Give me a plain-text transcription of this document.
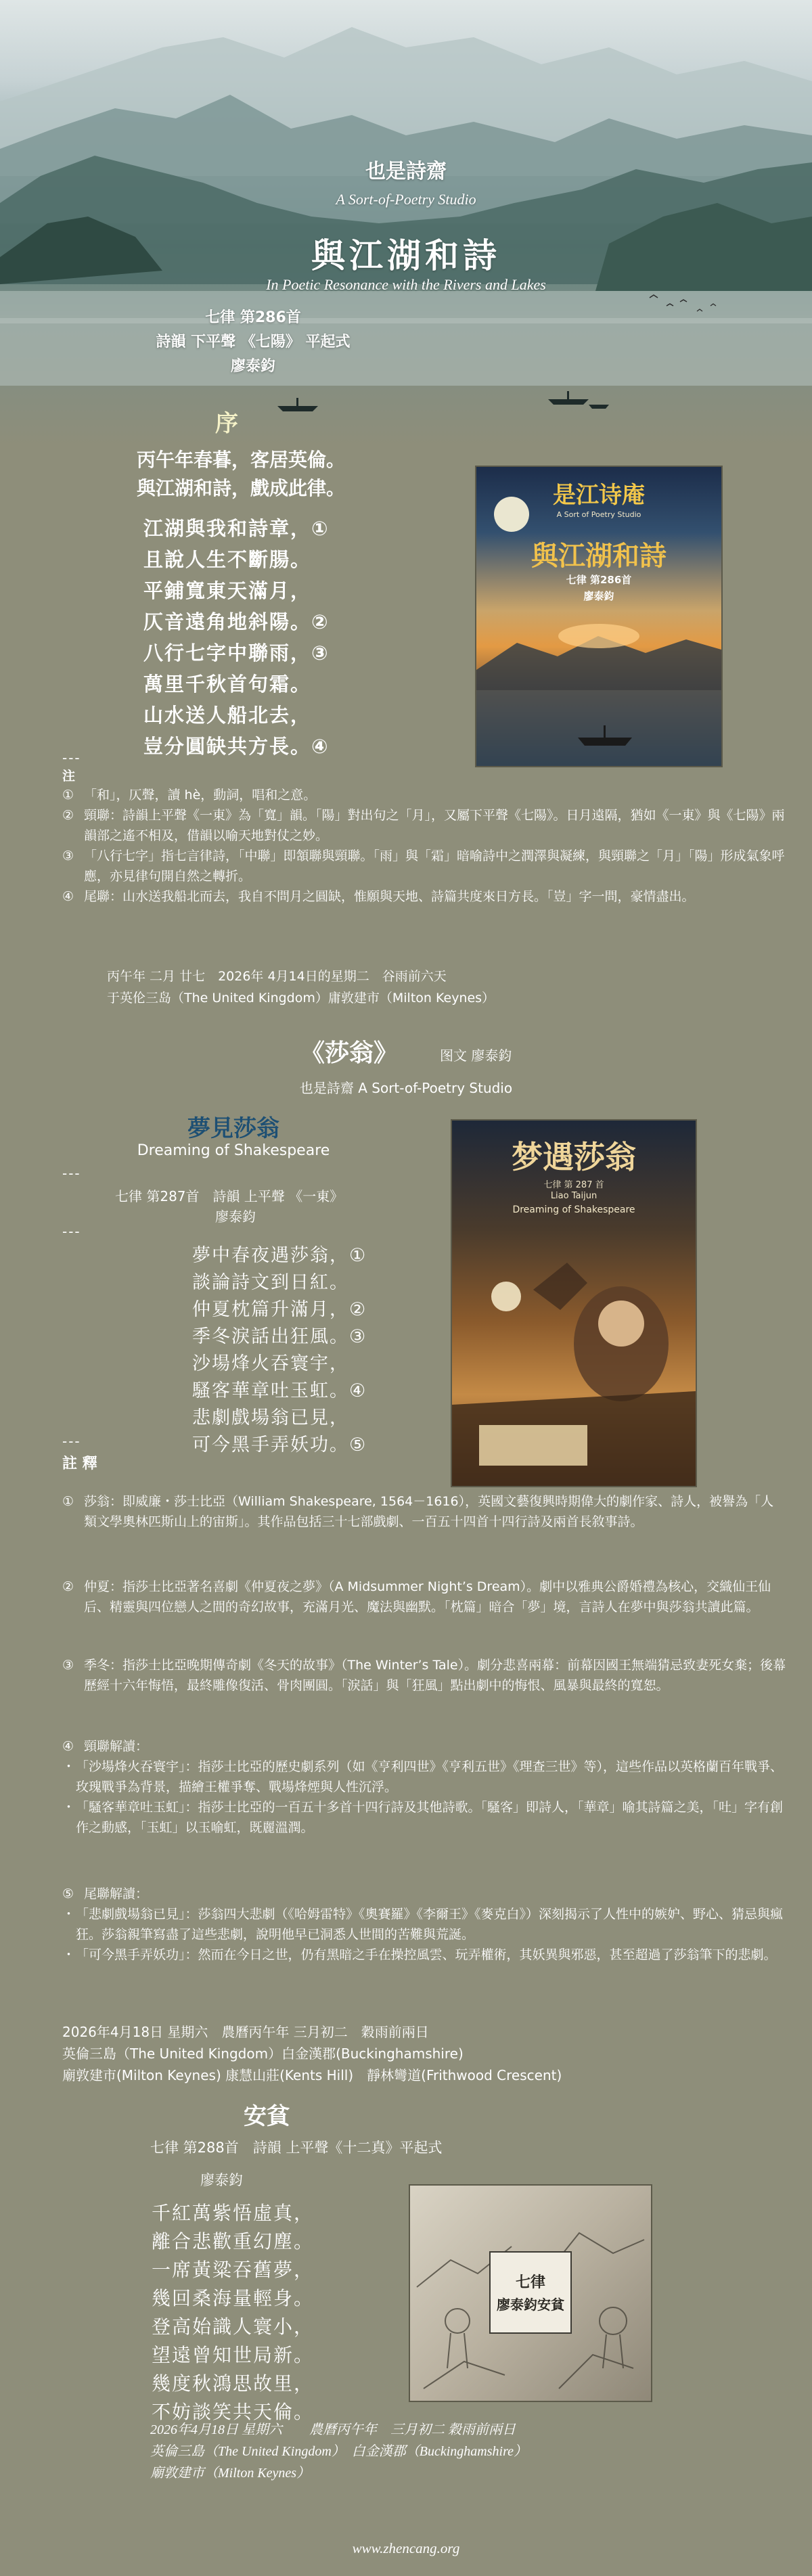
也是詩齋
A Sort-of-Poetry Studio
與江湖和詩
In Poetic Resonance with the Rivers and Lakes
七律 第286首
詩韻 下平聲 《七陽》 平起式
廖泰鈞
序
丙午年春暮，客居英倫。
與江湖和詩，戲成此律。
江湖與我和詩章，①
且說人生不斷腸。
平鋪寬東天滿月，
仄音遠角地斜陽。②
八行七字中聯雨，③
萬里千秋首句霜。
山水送人船北去，
豈分圓缺共方長。④
是江诗庵
A Sort of Poetry Studio
與江湖和詩
七律 第286首
廖泰鈞
---
注
① 「和」，仄聲，讀 hè，動詞，唱和之意。
② 頸聯：詩韻上平聲《一東》為「寬」韻。「陽」對出句之「月」，又屬下平聲《七陽》。日月遠隔，猶如《一東》與《七陽》兩韻部之遙不相及，借韻以喻天地對仗之妙。
③ 「八行七字」指七言律詩，「中聯」即頷聯與頸聯。「雨」與「霜」暗喻詩中之潤澤與凝練，與頸聯之「月」「陽」形成氣象呼應，亦見律句開自然之轉折。
④ 尾聯：山水送我船北而去，我自不問月之圓缺，惟願與天地、詩篇共度來日方長。「豈」字一問，豪情盡出。
丙午年 二月 廿七　2026年 4月14日的星期二　谷雨前六天
于英伦三岛（The United Kingdom）庸敦建市（Milton Keynes）
《莎翁》	图文 廖泰鈞
也是詩齋 A Sort-of-Poetry Studio
夢見莎翁
Dreaming of Shakespeare
---
七律 第287首　詩韻 上平聲 《一東》
廖泰鈞
---
夢中春夜遇莎翁，①
談論詩文到日紅。
仲夏枕篇升滿月，②
季冬淚話出狂風。③
沙場烽火吞寰宇，
騷客華章吐玉虹。④
悲劇戲場翁已見，
可今黑手弄妖功。⑤
梦遇莎翁
七律 第 287 首
Liao Taijun
Dreaming of Shakespeare
---
註 釋
① 莎翁：即威廉・莎士比亞（William Shakespeare, 1564－1616），英國文藝復興時期偉大的劇作家、詩人，被譽為「人類文學奧林匹斯山上的宙斯」。其作品包括三十七部戲劇、一百五十四首十四行詩及兩首長敘事詩。
② 仲夏：指莎士比亞著名喜劇《仲夏夜之夢》（A Midsummer Night’s Dream）。劇中以雅典公爵婚禮為核心，交織仙王仙后、精靈與四位戀人之間的奇幻故事，充滿月光、魔法與幽默。「枕篇」暗合「夢」境，言詩人在夢中與莎翁共讀此篇。
③ 季冬：指莎士比亞晚期傳奇劇《冬天的故事》（The Winter’s Tale）。劇分悲喜兩幕：前幕因國王無端猜忌致妻死女棄；後幕歷經十六年悔悟，最終雕像復活、骨肉團圓。「淚話」與「狂風」點出劇中的悔恨、風暴與最終的寬恕。
④ 頸聯解讀：
・ 「沙場烽火吞寰宇」：指莎士比亞的歷史劇系列（如《亨利四世》《亨利五世》《理查三世》等），這些作品以英格蘭百年戰爭、玫瑰戰爭為背景，描繪王權爭奪、戰場烽煙與人性沉浮。
・ 「騷客華章吐玉虹」：指莎士比亞的一百五十多首十四行詩及其他詩歌。「騷客」即詩人，「華章」喻其詩篇之美，「吐」字有創作之動感，「玉虹」以玉喻虹，既麗溫潤。
⑤ 尾聯解讀：
・ 「悲劇戲場翁已見」：莎翁四大悲劇（《哈姆雷特》《奧賽羅》《李爾王》《麥克白》）深刻揭示了人性中的嫉妒、野心、猜忌與瘋狂。莎翁親筆寫盡了這些悲劇，說明他早已洞悉人世間的苦難與荒誕。
・ 「可今黑手弄妖功」：然而在今日之世，仍有黑暗之手在操控風雲、玩弄權術，其妖異與邪惡，甚至超過了莎翁筆下的悲劇。
2026年4月18日 星期六　農曆丙午年 三月初二　穀雨前兩日
英倫三島（The United Kingdom）白金漢郡(Buckinghamshire)
廟敦建市(Milton Keynes) 康慧山莊(Kents Hill)　靜林彎道(Frithwood Crescent)
安貧
七律 第288首　詩韻 上平聲《十二真》平起式
廖泰鈞
千紅萬紫悟虛真，
離合悲歡重幻塵。
一席黃粱吞舊夢，
幾回桑海量輕身。
登高始識人寰小，
望遠曾知世局新。
幾度秋鴻思故里，
不妨談笑共天倫。
七律
廖泰鈞安貧
2026年4月18日 星期六　　農曆丙午年　三月初二 穀雨前兩日
英倫三島（The United Kingdom）　白金漢郡（Buckinghamshire）
廟敦建市（Milton Keynes）
www.zhencang.org
